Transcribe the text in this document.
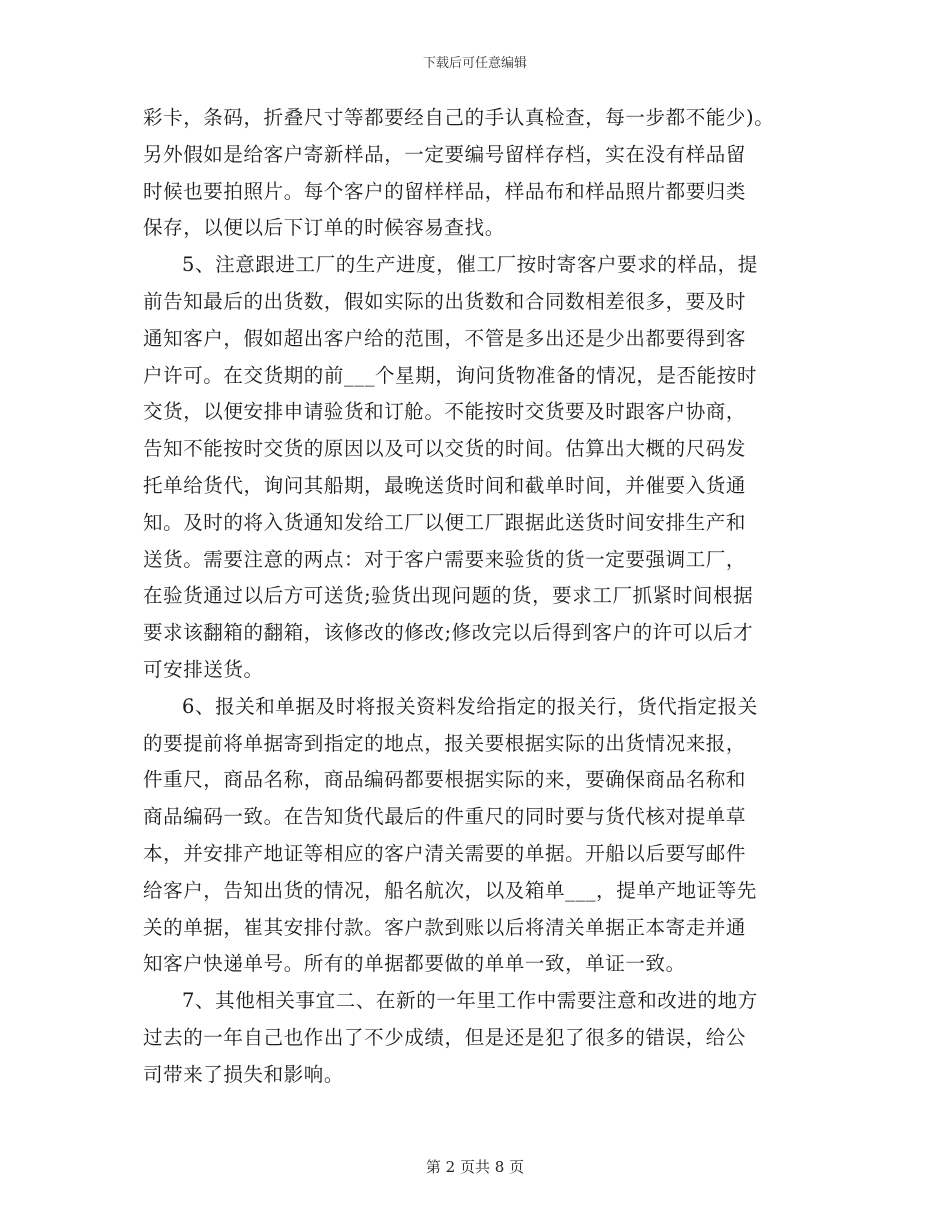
下载后可任意编辑
彩卡，条码，折叠尺寸等都要经自己的手认真检查，每一步都不能少)。
另外假如是给客户寄新样品，一定要编号留样存档，实在没有样品留
时候也要拍照片。每个客户的留样样品，样品布和样品照片都要归类
保存，以便以后下订单的时候容易查找。
5、注意跟进工厂的生产进度，催工厂按时寄客户要求的样品，提
前告知最后的出货数，假如实际的出货数和合同数相差很多，要及时
通知客户，假如超出客户给的范围，不管是多出还是少出都要得到客
户许可。在交货期的前___个星期，询问货物准备的情况，是否能按时
交货，以便安排申请验货和订舱。不能按时交货要及时跟客户协商，
告知不能按时交货的原因以及可以交货的时间。估算出大概的尺码发
托单给货代，询问其船期，最晚送货时间和截单时间，并催要入货通
知。及时的将入货通知发给工厂以便工厂跟据此送货时间安排生产和
送货。需要注意的两点：对于客户需要来验货的货一定要强调工厂，
在验货通过以后方可送货;验货出现问题的货，要求工厂抓紧时间根据
要求该翻箱的翻箱，该修改的修改;修改完以后得到客户的许可以后才
可安排送货。
6、报关和单据及时将报关资料发给指定的报关行，货代指定报关
的要提前将单据寄到指定的地点，报关要根据实际的出货情况来报，
件重尺，商品名称，商品编码都要根据实际的来，要确保商品名称和
商品编码一致。在告知货代最后的件重尺的同时要与货代核对提单草
本，并安排产地证等相应的客户清关需要的单据。开船以后要写邮件
给客户，告知出货的情况，船名航次，以及箱单___，提单产地证等先
关的单据，崔其安排付款。客户款到账以后将清关单据正本寄走并通
知客户快递单号。所有的单据都要做的单单一致，单证一致。
7、其他相关事宜二、在新的一年里工作中需要注意和改进的地方
过去的一年自己也作出了不少成绩，但是还是犯了很多的错误，给公
司带来了损失和影响。
第 2 页共 8 页
